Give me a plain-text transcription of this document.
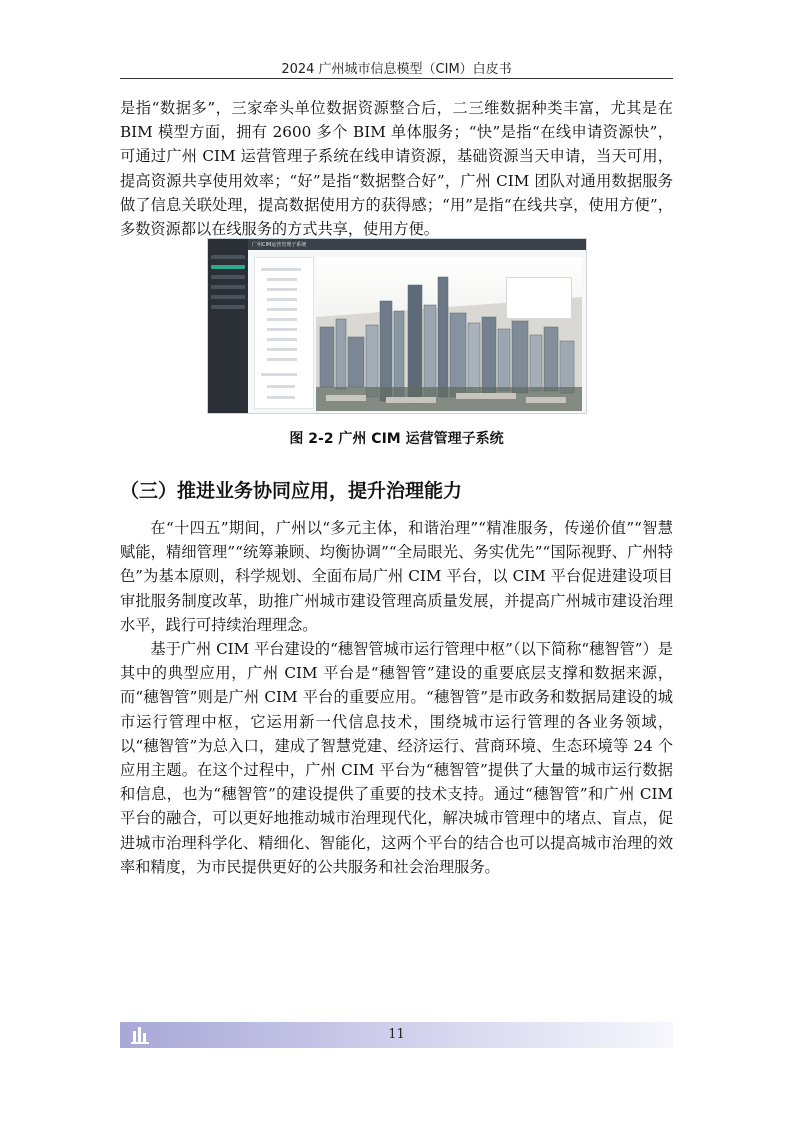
2024 广州城市信息模型（CIM）白皮书

是指“数据多”，三家牵头单位数据资源整合后，二三维数据种类丰富，尤其是在 BIM 模型方面，拥有 2600 多个 BIM 单体服务；“快”是指“在线申请资源快”，可通过广州 CIM 运营管理子系统在线申请资源，基础资源当天申请，当天可用，提高资源共享使用效率；“好”是指“数据整合好”，广州 CIM 团队对通用数据服务做了信息关联处理，提高数据使用方的获得感；“用”是指“在线共享，使用方便”，多数资源都以在线服务的方式共享，使用方便。

广州CIM运营管理子系统
图 2-2 广州 CIM 运营管理子系统
（三）推进业务协同应用，提升治理能力

在“十四五”期间，广州以“多元主体，和谐治理”“精准服务，传递价值”“智慧赋能，精细管理”“统筹兼顾、均衡协调”“全局眼光、务实优先”“国际视野、广州特色”为基本原则，科学规划、全面布局广州 CIM 平台，以 CIM 平台促进建设项目审批服务制度改革，助推广州城市建设管理高质量发展，并提高广州城市建设治理水平，践行可持续治理理念。

基于广州 CIM 平台建设的“穗智管城市运行管理中枢”（以下简称“穗智管”）是其中的典型应用，广州 CIM 平台是“穗智管”建设的重要底层支撑和数据来源，而“穗智管”则是广州 CIM 平台的重要应用。“穗智管”是市政务和数据局建设的城市运行管理中枢，它运用新一代信息技术，围绕城市运行管理的各业务领域，以“穗智管”为总入口，建成了智慧党建、经济运行、营商环境、生态环境等 24 个应用主题。在这个过程中，广州 CIM 平台为“穗智管”提供了大量的城市运行数据和信息，也为“穗智管”的建设提供了重要的技术支持。通过“穗智管”和广州 CIM 平台的融合，可以更好地推动城市治理现代化，解决城市管理中的堵点、盲点，促进城市治理科学化、精细化、智能化，这两个平台的结合也可以提高城市治理的效率和精度，为市民提供更好的公共服务和社会治理服务。

11
